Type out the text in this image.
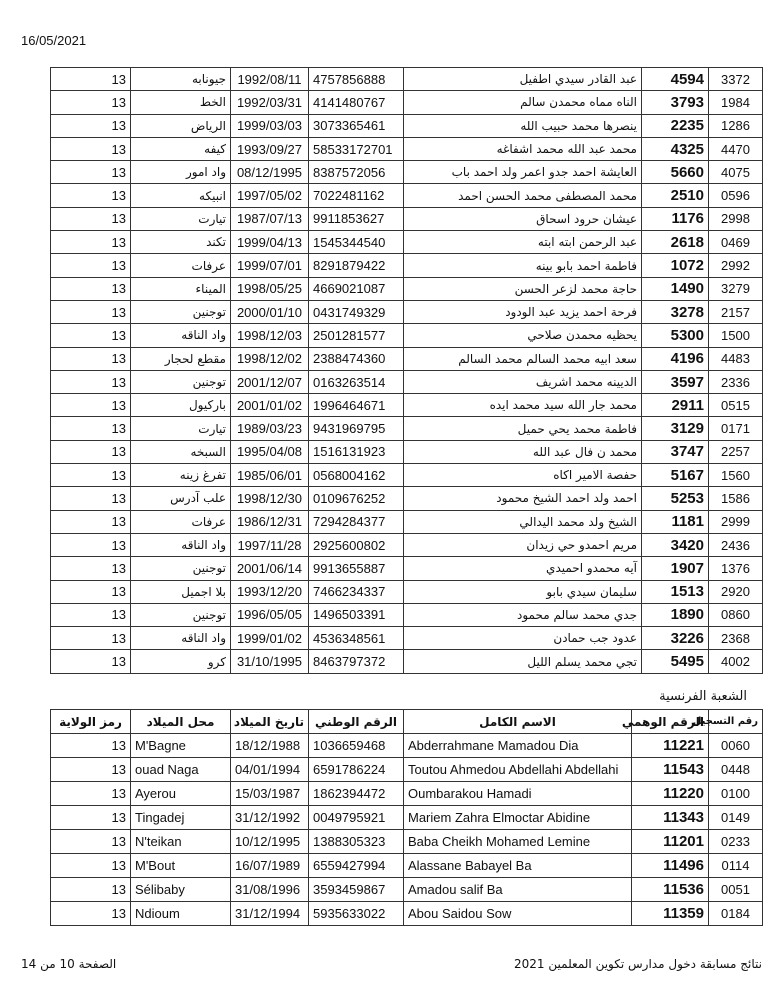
16/05/2021
13	جيونابه	1992/08/11	4757856888	عبد القادر سيدي اطفيل	4594	3372
13	الخط	1992/03/31	4141480767	الناه مماه محمدن سالم	3793	1984
13	الرياض	1999/03/03	3073365461	ينصرها محمد حبيب الله	2235	1286
13	كيفه	1993/09/27	58533172701	محمد عبد الله محمد اشفاغه	4325	4470
13	واد امور	08/12/1995	8387572056	العايشة احمد جدو اعمر ولد احمد باب	5660	4075
13	انبيكه	1997/05/02	7022481162	محمد المصطفى محمد الحسن احمد	2510	0596
13	تيارت	1987/07/13	9911853627	عيشان حرود اسحاق	1176	2998
13	تكند	1999/04/13	1545344540	عبد الرحمن ابته ابته	2618	0469
13	عرفات	1999/07/01	8291879422	فاطمة احمد بابو بينه	1072	2992
13	الميناء	1998/05/25	4669021087	حاجة محمد لزعر الحسن	1490	3279
13	توجنين	2000/01/10	0431749329	فرحة احمد يزيد عبد الودود	3278	2157
13	واد الناقه	1998/12/03	2501281577	يحظيه محمدن صلاحي	5300	1500
13	مقطع لحجار	1998/12/02	2388474360	سعد ابيه محمد السالم محمد السالم	4196	4483
13	توجنين	2001/12/07	0163263514	الديينه محمد اشريف	3597	2336
13	باركيول	2001/01/02	1996464671	محمد جار الله سيد محمد ايده	2911	0515
13	تيارت	1989/03/23	9431969795	فاطمة محمد يحي حميل	3129	0171
13	السبخه	1995/04/08	1516131923	محمد ن فال عبد الله	3747	2257
13	تفرغ زينه	1985/06/01	0568004162	حفصة الامير اكاه	5167	1560
13	علب آدرس	1998/12/30	0109676252	احمد ولد احمد الشيخ محمود	5253	1586
13	عرفات	1986/12/31	7294284377	الشيخ ولد محمد اليدالي	1181	2999
13	واد الناقه	1997/11/28	2925600802	مريم احمدو حي زيدان	3420	2436
13	توجنين	2001/06/14	9913655887	آيه محمدو احميدي	1907	1376
13	بلا اجميل	1993/12/20	7466234337	سليمان سيدي بابو	1513	2920
13	توجنين	1996/05/05	1496503391	جدي محمد سالم محمود	1890	0860
13	واد الناقه	1999/01/02	4536348561	عدود جب حمادن	3226	2368
13	كرو	31/10/1995	8463797372	تجي محمد يسلم الليل	5495	4002
الشعبة الفرنسية
رمز الولاية	محل الميلاد	تاريخ الميلاد	الرقم الوطني	الاسم الكامل	الرقم الوهمي	رقم التسجيل
13	M'Bagne	18/12/1988	1036659468	Abderrahmane Mamadou Dia	11221	0060
13	ouad Naga	04/01/1994	6591786224	Toutou Ahmedou Abdellahi Abdellahi	11543	0448
13	Ayerou	15/03/1987	1862394472	Oumbarakou Hamadi	11220	0100
13	Tingadej	31/12/1992	0049795921	Mariem Zahra Elmoctar Abidine	11343	0149
13	N'teikan	10/12/1995	1388305323	Baba Cheikh Mohamed Lemine	11201	0233
13	M'Bout	16/07/1989	6559427994	Alassane Babayel Ba	11496	0114
13	Sélibaby	31/08/1996	3593459867	Amadou salif Ba	11536	0051
13	Ndioum	31/12/1994	5935633022	Abou Saidou Sow	11359	0184
الصفحة 10 من 14	نتائج مسابقة دخول مدارس تكوين المعلمين 2021
